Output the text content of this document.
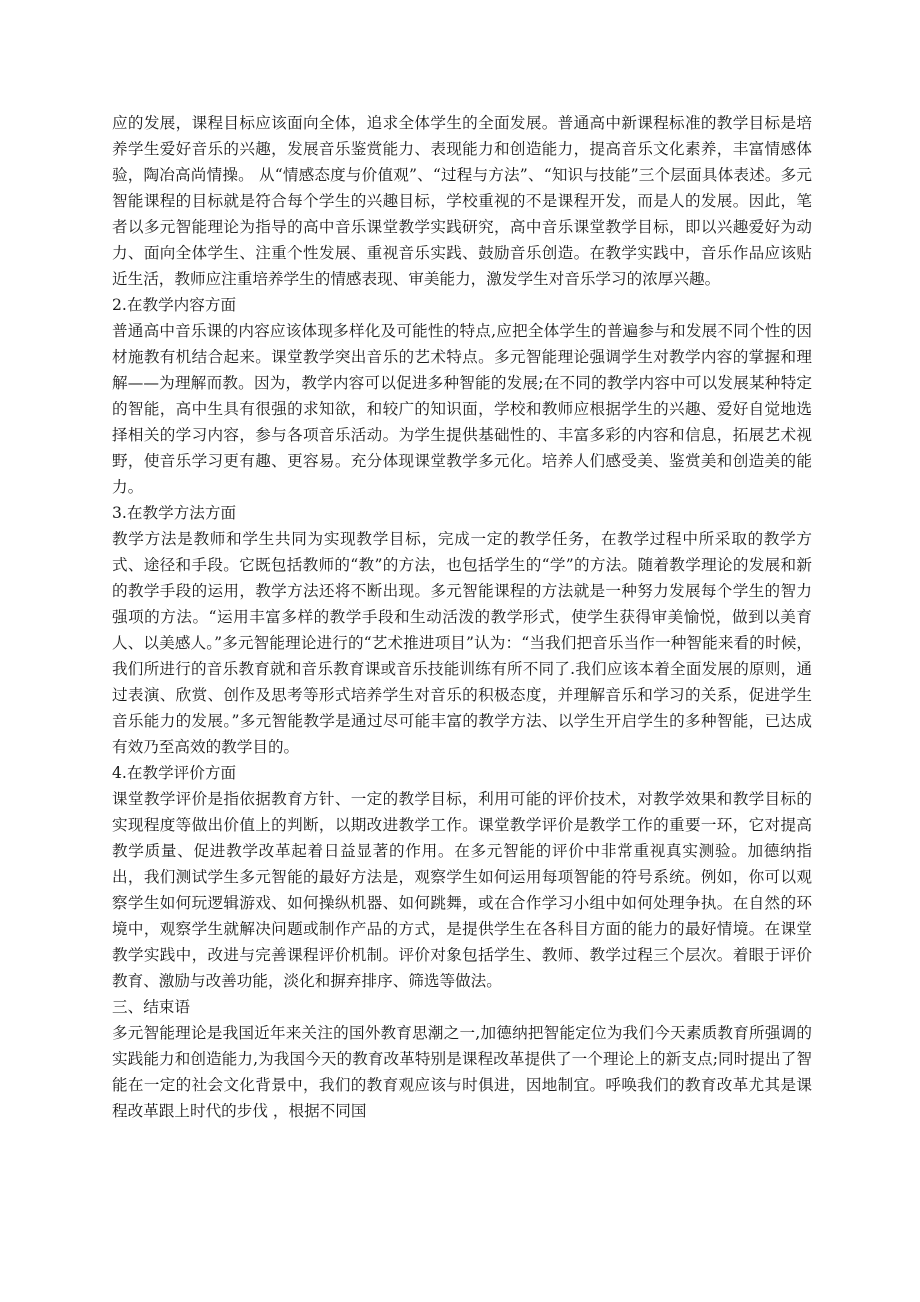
应的发展，课程目标应该面向全体，追求全体学生的全面发展。普通高中新课程标准的教学目标是培养学生爱好音乐的兴趣，发展音乐鉴赏能力、表现能力和创造能力，提高音乐文化素养，丰富情感体验，陶冶高尚情操。 从“情感态度与价值观”、“过程与方法”、“知识与技能”三个层面具体表述。多元智能课程的目标就是符合每个学生的兴趣目标，学校重视的不是课程开发，而是人的发展。因此，笔者以多元智能理论为指导的高中音乐课堂教学实践研究，高中音乐课堂教学目标，即以兴趣爱好为动力、面向全体学生、注重个性发展、重视音乐实践、鼓励音乐创造。在教学实践中，音乐作品应该贴近生活，教师应注重培养学生的情感表现、审美能力，激发学生对音乐学习的浓厚兴趣。

2.在教学内容方面

普通高中音乐课的内容应该体现多样化及可能性的特点,应把全体学生的普遍参与和发展不同个性的因材施教有机结合起来。课堂教学突出音乐的艺术特点。多元智能理论强调学生对教学内容的掌握和理解——为理解而教。因为，教学内容可以促进多种智能的发展;在不同的教学内容中可以发展某种特定的智能，高中生具有很强的求知欲，和较广的知识面，学校和教师应根据学生的兴趣、爱好自觉地选择相关的学习内容，参与各项音乐活动。为学生提供基础性的、丰富多彩的内容和信息，拓展艺术视野，使音乐学习更有趣、更容易。充分体现课堂教学多元化。培养人们感受美、鉴赏美和创造美的能力。

3.在教学方法方面

教学方法是教师和学生共同为实现教学目标，完成一定的教学任务，在教学过程中所采取的教学方式、途径和手段。它既包括教师的“教”的方法，也包括学生的“学”的方法。随着教学理论的发展和新的教学手段的运用，教学方法还将不断出现。多元智能课程的方法就是一种努力发展每个学生的智力强项的方法。“运用丰富多样的教学手段和生动活泼的教学形式，使学生获得审美愉悦，做到以美育人、以美感人。”多元智能理论进行的“艺术推进项目”认为：“当我们把音乐当作一种智能来看的时候，我们所进行的音乐教育就和音乐教育课或音乐技能训练有所不同了.我们应该本着全面发展的原则，通过表演、欣赏、创作及思考等形式培养学生对音乐的积极态度，并理解音乐和学习的关系，促进学生音乐能力的发展。”多元智能教学是通过尽可能丰富的教学方法、以学生开启学生的多种智能，已达成有效乃至高效的教学目的。

4.在教学评价方面

课堂教学评价是指依据教育方针、一定的教学目标，利用可能的评价技术，对教学效果和教学目标的实现程度等做出价值上的判断，以期改进教学工作。课堂教学评价是教学工作的重要一环，它对提高教学质量、促进教学改革起着日益显著的作用。在多元智能的评价中非常重视真实测验。加德纳指出，我们测试学生多元智能的最好方法是，观察学生如何运用每项智能的符号系统。例如，你可以观察学生如何玩逻辑游戏、如何操纵机器、如何跳舞，或在合作学习小组中如何处理争执。在自然的环境中，观察学生就解决问题或制作产品的方式，是提供学生在各科目方面的能力的最好情境。在课堂教学实践中，改进与完善课程评价机制。评价对象包括学生、教师、教学过程三个层次。着眼于评价教育、激励与改善功能，淡化和摒弃排序、筛选等做法。

三、结束语

多元智能理论是我国近年来关注的国外教育思潮之一,加德纳把智能定位为我们今天素质教育所强调的实践能力和创造能力,为我国今天的教育改革特别是课程改革提供了一个理论上的新支点;同时提出了智能在一定的社会文化背景中，我们的教育观应该与时俱进，因地制宜。呼唤我们的教育改革尤其是课程改革跟上时代的步伐 ，根据不同国
